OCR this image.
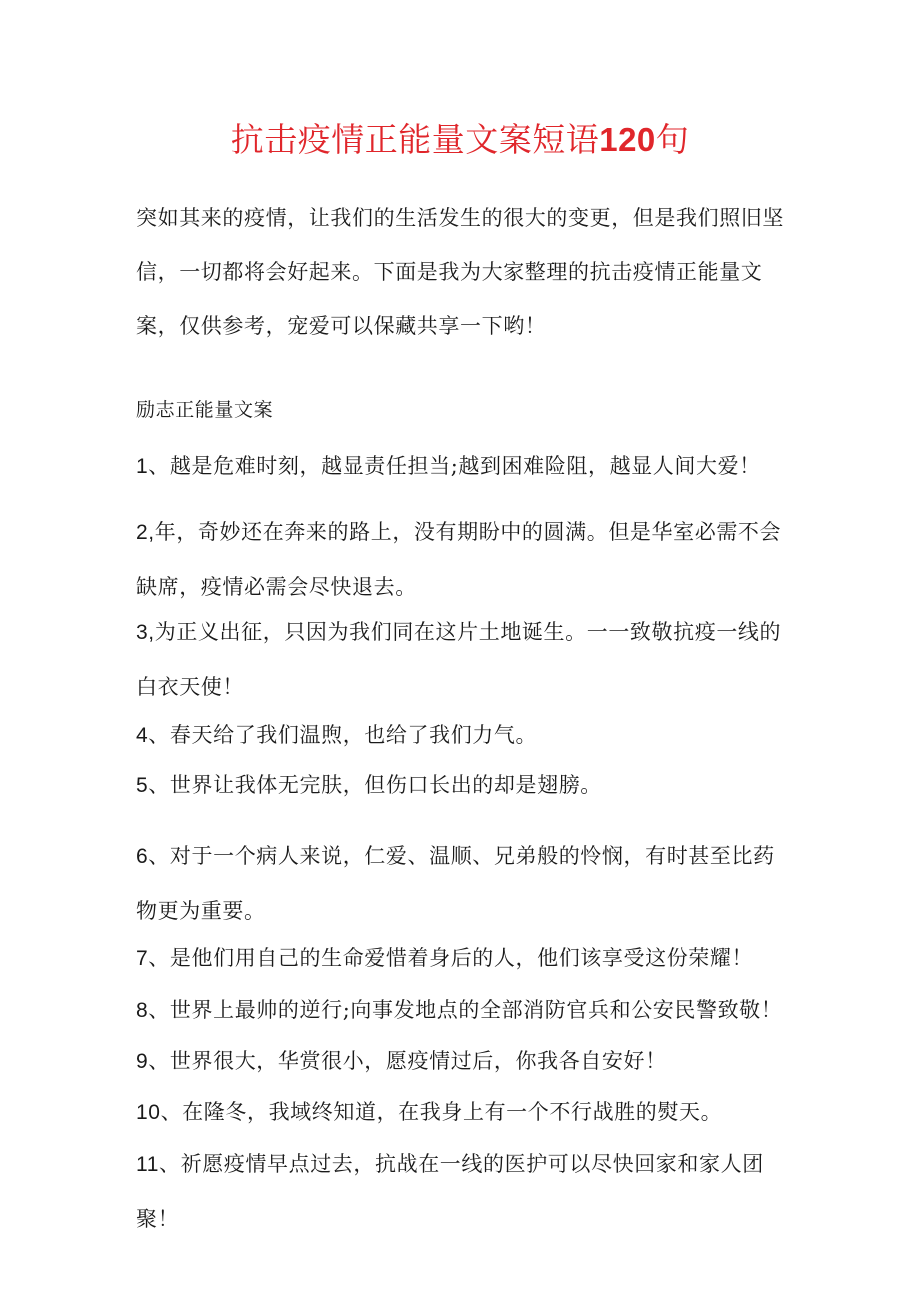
抗击疫情正能量文案短语120句

突如其来的疫情，让我们的生活发生的很大的变更，但是我们照旧坚信，一切都将会好起来。下面是我为大家整理的抗击疫情正能量文案，仅供参考，宠爱可以保藏共享一下哟！

励志正能量文案

1、越是危难时刻，越显责任担当;越到困难险阻，越显人间大爱！

2,年，奇妙还在奔来的路上，没有期盼中的圆满。但是华室必需不会缺席，疫情必需会尽快退去。

3,为正义出征，只因为我们同在这片土地诞生。一一致敬抗疫一线的白衣天使！

4、春天给了我们温煦，也给了我们力气。

5、世界让我体无完肤，但伤口长出的却是翅膀。

6、对于一个病人来说，仁爱、温顺、兄弟般的怜悯，有时甚至比药物更为重要。

7、是他们用自己的生命爱惜着身后的人，他们该享受这份荣耀！

8、世界上最帅的逆行;向事发地点的全部消防官兵和公安民警致敬！

9、世界很大，华赏很小，愿疫情过后，你我各自安好！

10、在隆冬，我域终知道，在我身上有一个不行战胜的熨天。

11、祈愿疫情早点过去，抗战在一线的医护可以尽快回家和家人团聚！
